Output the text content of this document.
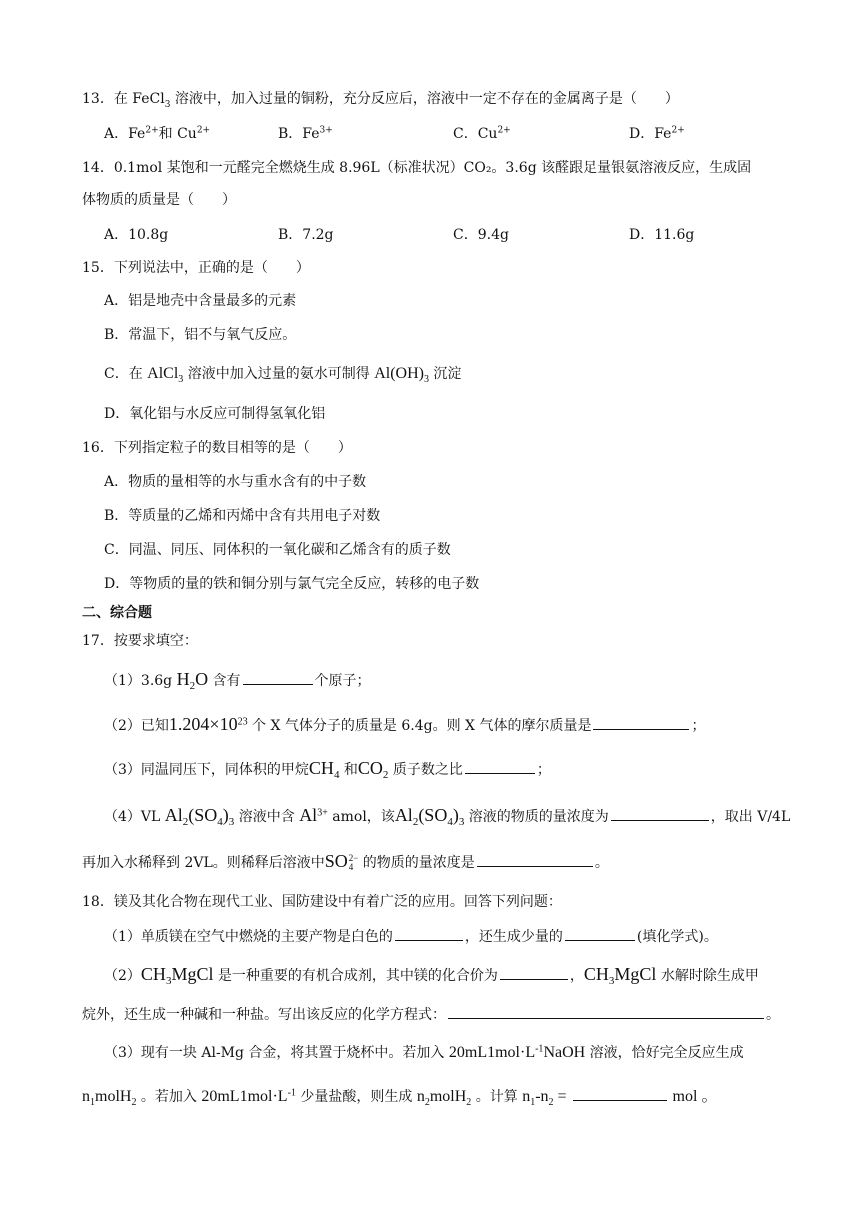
13．在 FeCl$_3$ 溶液中，加入过量的铜粉，充分反应后，溶液中一定不存在的金属离子是（　　）
A．$Fe^{2+}$和 $Cu^{2+}$	B．$Fe^{3+}$	C．$Cu^{2+}$	D．$Fe^{2+}$
14．0.1mol 某饱和一元醛完全燃烧生成 8.96L（标准状况）CO₂。3.6g 该醛跟足量银氨溶液反应，生成固
体物质的质量是（　　）
A．10.8g	B．7.2g	C．9.4g	D．11.6g
15．下列说法中，正确的是（　　）
A．铝是地壳中含量最多的元素
B．常温下，铝不与氧气反应。
C．在 AlCl$_3$ 溶液中加入过量的氨水可制得 $Al(OH)_3$ 沉淀
D．氧化铝与水反应可制得氢氧化铝
16．下列指定粒子的数目相等的是（　　）
A．物质的量相等的水与重水含有的中子数
B．等质量的乙烯和丙烯中含有共用电子对数
C．同温、同压、同体积的一氧化碳和乙烯含有的质子数
D．等物质的量的铁和铜分别与氯气完全反应，转移的电子数
二、综合题
17．按要求填空：
（1）3.6g $H_2O$ 含有	个原子；
（2）已知$1.204\times 10^{23}$ 个 X 气体分子的质量是 6.4g。则 X 气体的摩尔质量是	；
（3）同温同压下，同体积的甲烷$CH_4$ 和$CO_2$ 质子数之比	；
（4）VL $Al_2(SO_4)_3$ 溶液中含 $Al^{3+}$ amol，该$Al_2(SO_4)_3$ 溶液的物质的量浓度为	，取出 V/4L
再加入水稀释到 2VL。则稀释后溶液中SO 2−
4 的物质的量浓度是	。
18．镁及其化合物在现代工业、国防建设中有着广泛的应用。回答下列问题：
（1）单质镁在空气中燃烧的主要产物是白色的	，还生成少量的	(填化学式)。
$(2)CH_3MgCl$ 是一种重要的有机合成剂，其中镁的化合价为	，$CH_3MgCl$ 水解时除生成甲
烷外，还生成一种碱和一种盐。写出该反应的化学方程式：	。
（3）现有一块 Al-Mg 合金，将其置于烧杯中。若加入 $20mL1mol\cdot L^{-1}NaOH$ 溶液，恰好完全反应生成
$n_1molH_2$ 。若加入 $20mL1mol\cdot L^{-1}$ 少量盐酸，则生成 $n_2molH_2$ 。计算 $n_1-n_2$ =	mol 。
